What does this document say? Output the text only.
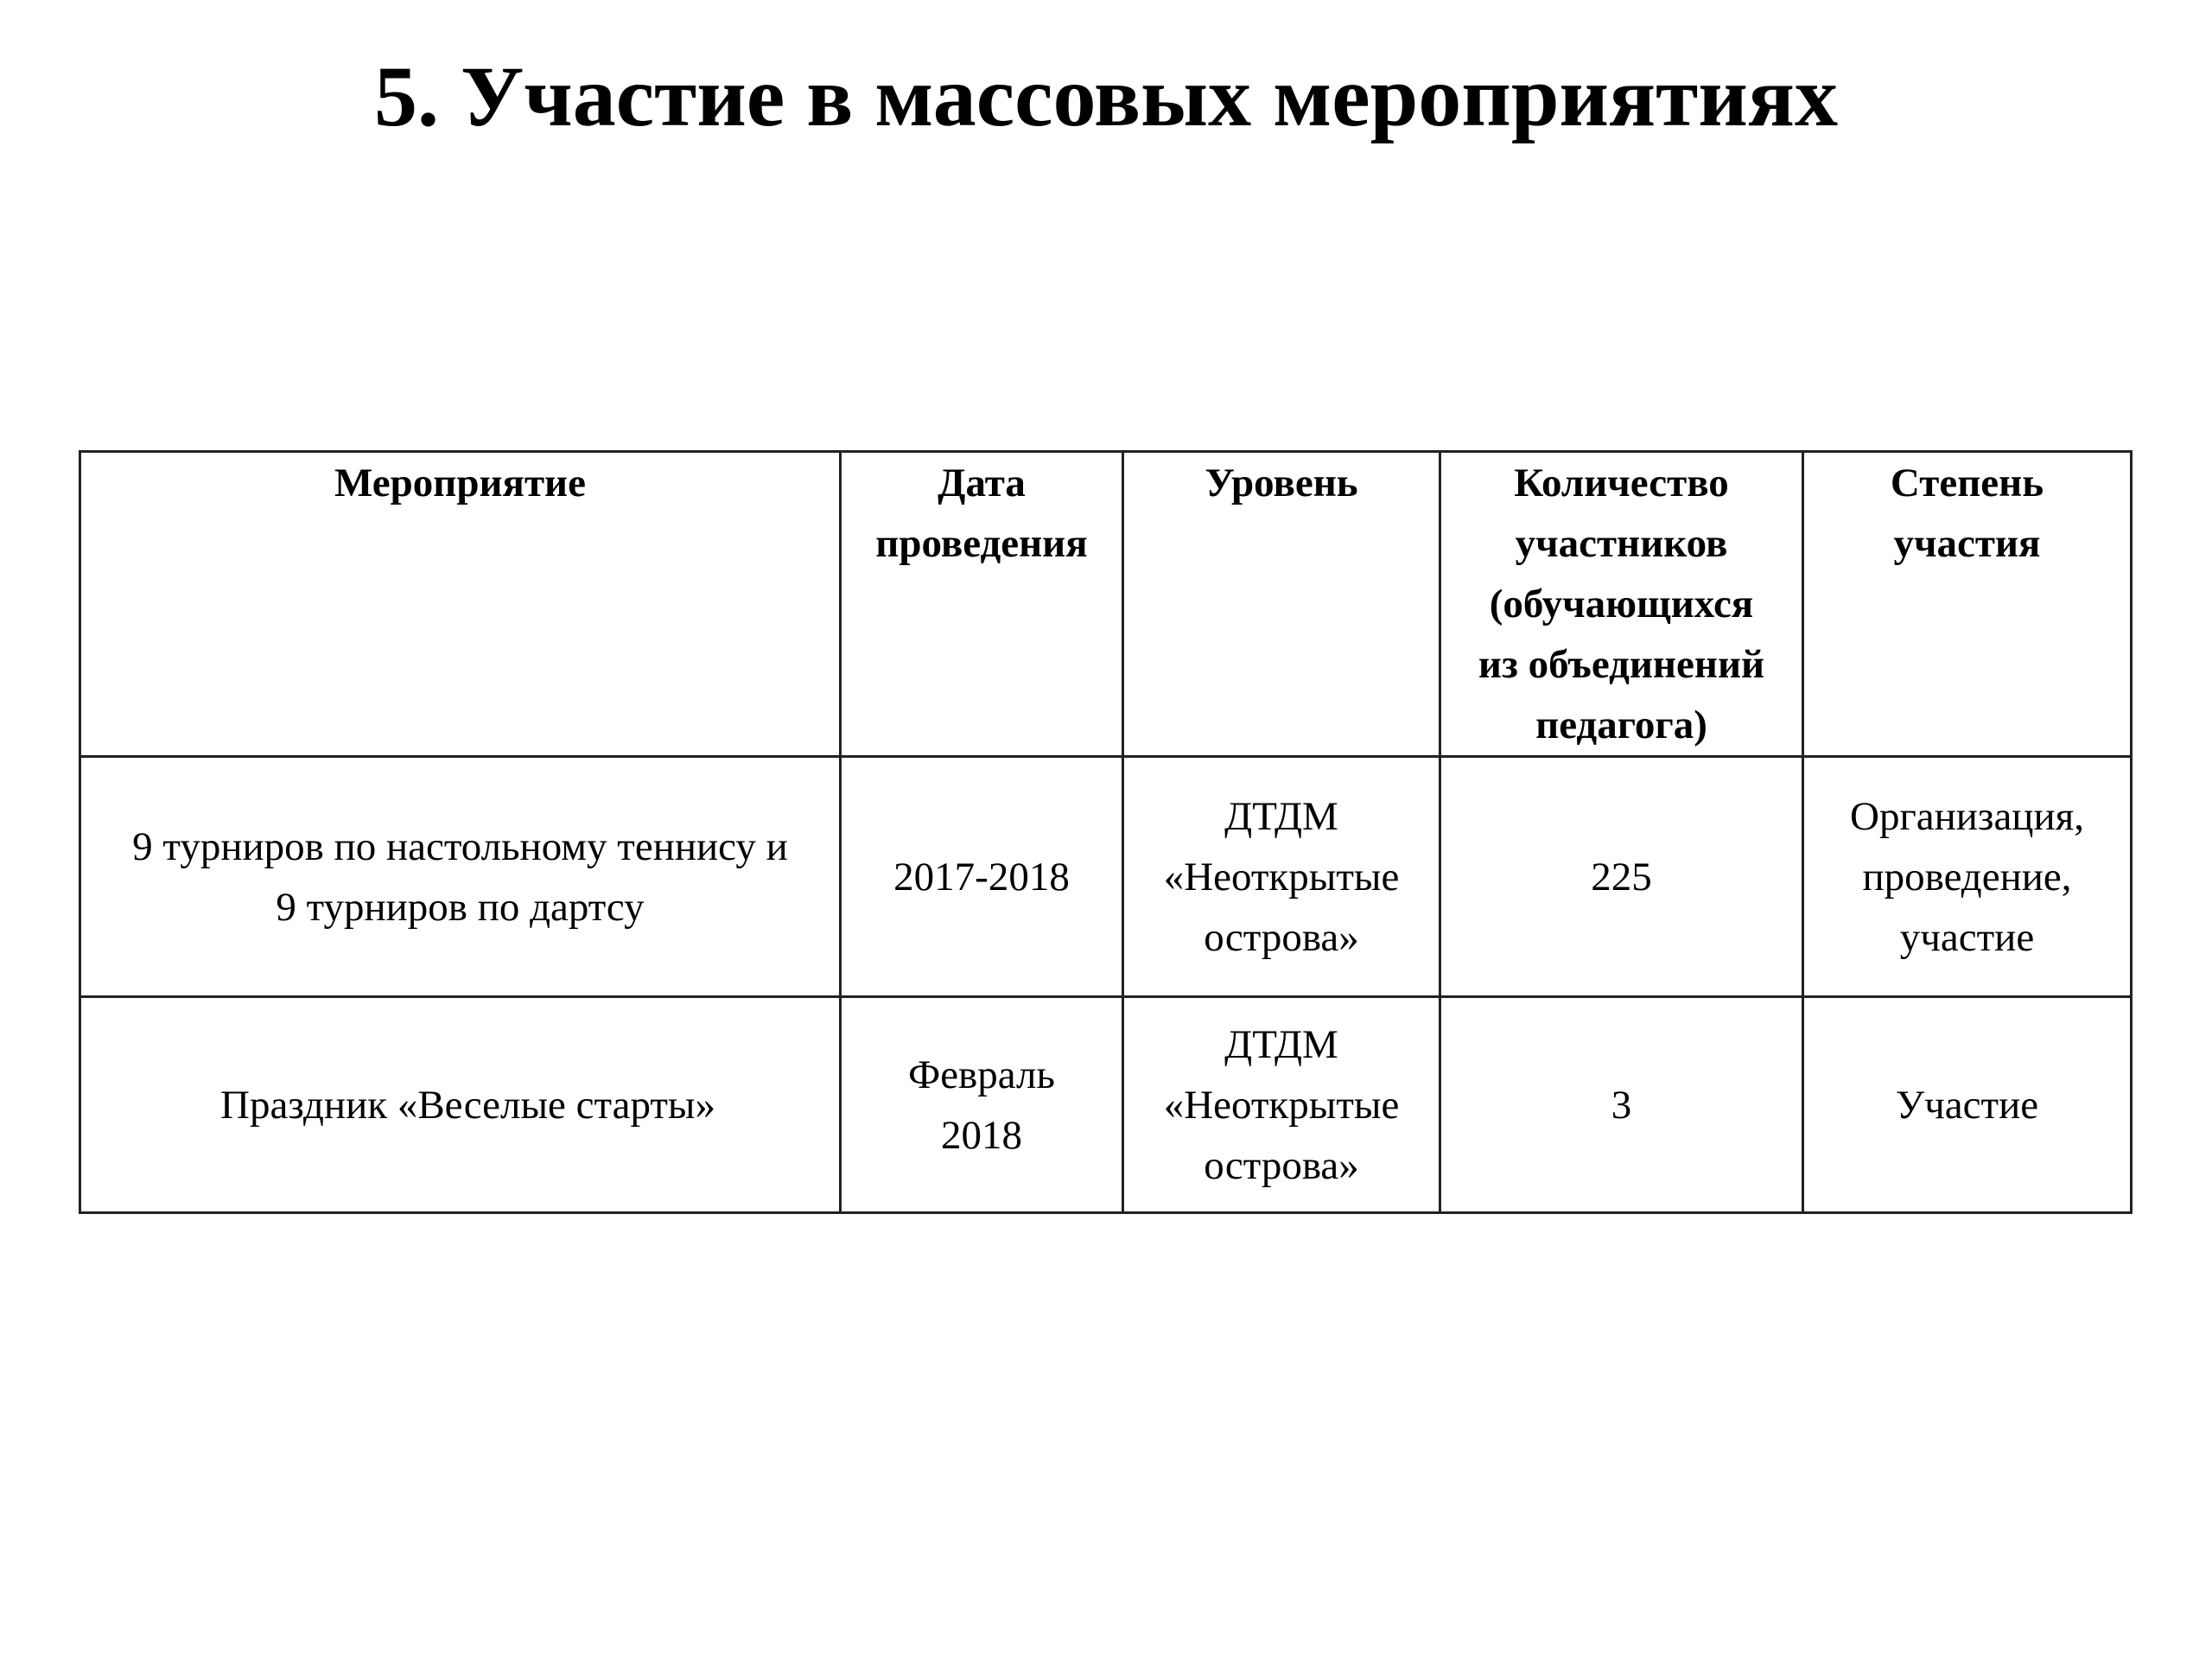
5. Участие в массовых мероприятиях
Мероприятие	Дата
проведения	Уровень	Количество
участников
(обучающихся
из объединений
педагога)	Степень
участия

9 турниров по настольному теннису и
9 турниров по дартсу	2017-2018	ДТДМ
«Неоткрытые
острова»	225	Организация,
проведение,
участие

Праздник «Веселые старты»	Февраль
2018	ДТДМ
«Неоткрытые
острова»	3	Участие
